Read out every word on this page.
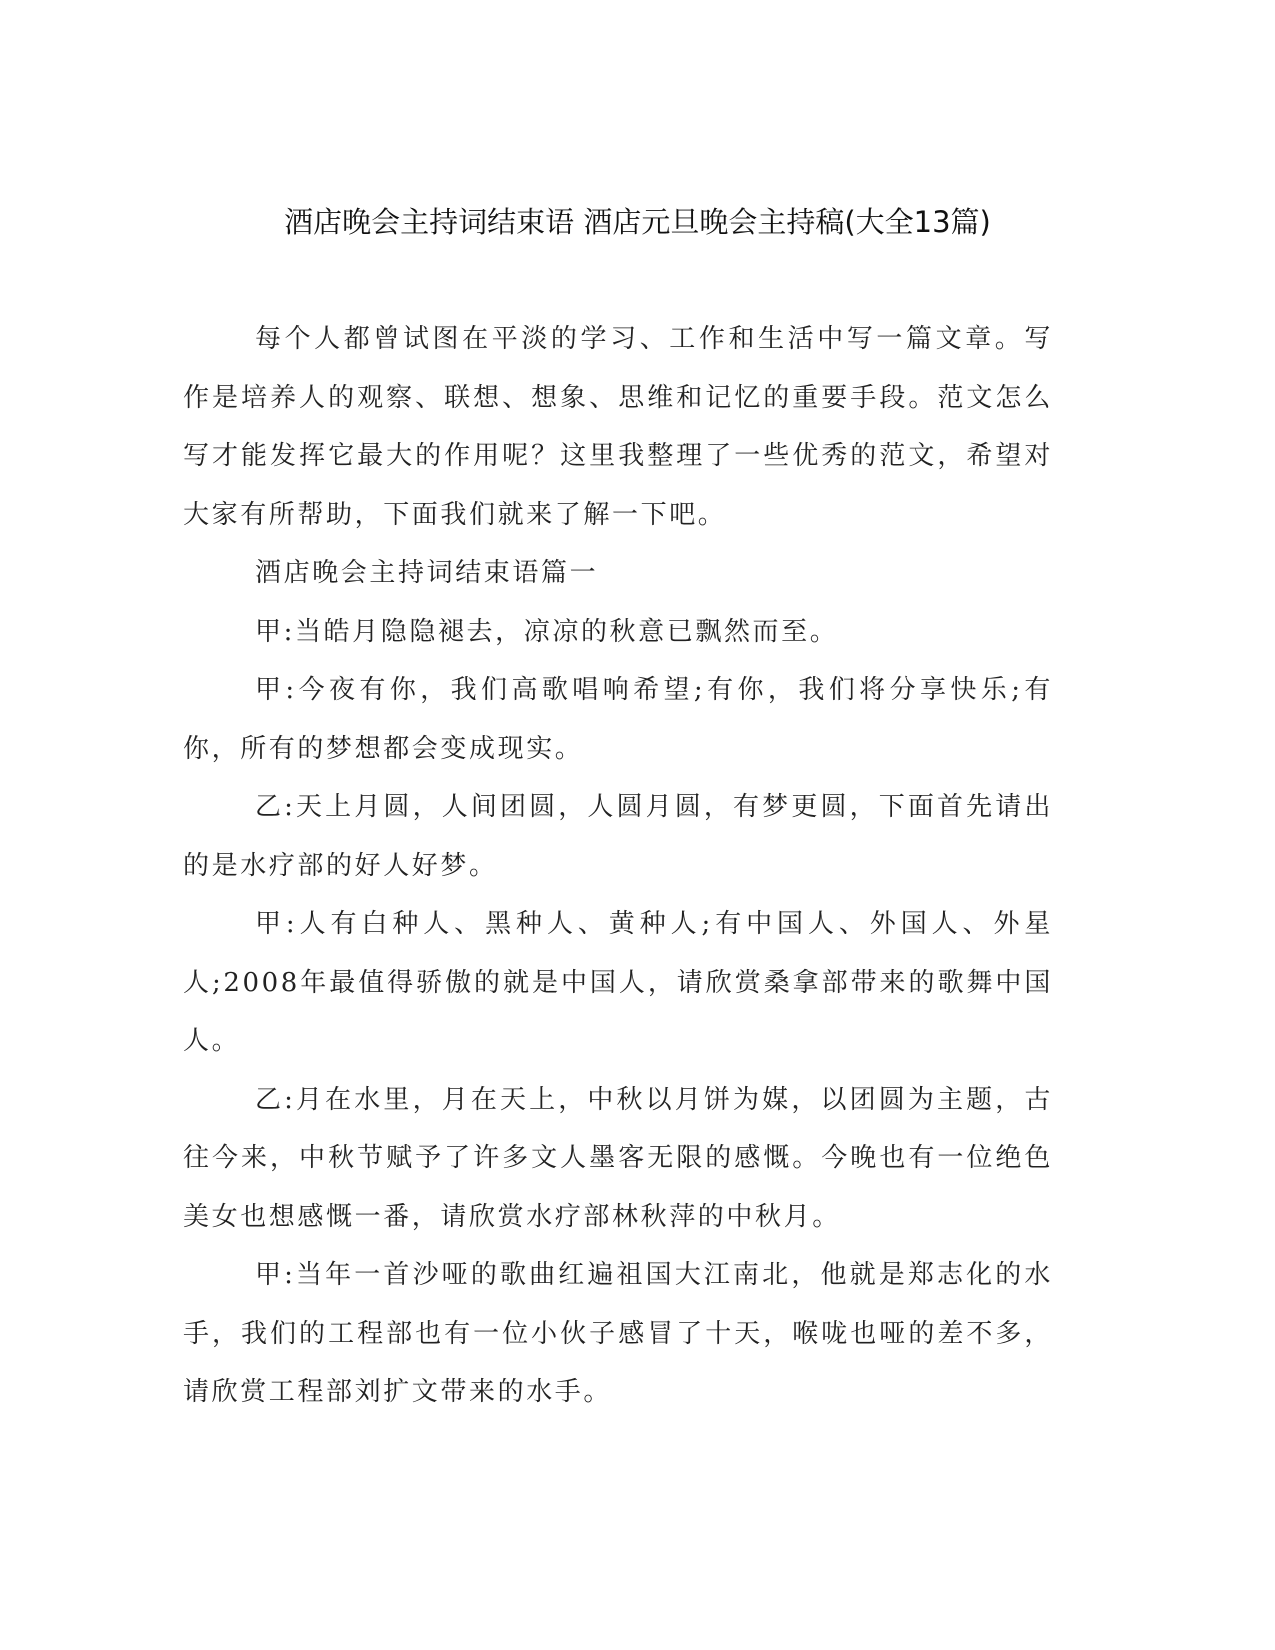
酒店晚会主持词结束语 酒店元旦晚会主持稿(大全13篇)

每个人都曾试图在平淡的学习、工作和生活中写一篇文章。写作是培养人的观察、联想、想象、思维和记忆的重要手段。范文怎么写才能发挥它最大的作用呢？这里我整理了一些优秀的范文，希望对大家有所帮助，下面我们就来了解一下吧。

酒店晚会主持词结束语篇一

甲:当皓月隐隐褪去，凉凉的秋意已飘然而至。

甲:今夜有你，我们高歌唱响希望;有你，我们将分享快乐;有你，所有的梦想都会变成现实。

乙:天上月圆，人间团圆，人圆月圆，有梦更圆，下面首先请出的是水疗部的好人好梦。

甲:人有白种人、黑种人、黄种人;有中国人、外国人、外星人;2008年最值得骄傲的就是中国人，请欣赏桑拿部带来的歌舞中国人。

乙:月在水里，月在天上，中秋以月饼为媒，以团圆为主题，古往今来，中秋节赋予了许多文人墨客无限的感慨。今晚也有一位绝色美女也想感慨一番，请欣赏水疗部林秋萍的中秋月。

甲:当年一首沙哑的歌曲红遍祖国大江南北，他就是郑志化的水手，我们的工程部也有一位小伙子感冒了十天，喉咙也哑的差不多，请欣赏工程部刘扩文带来的水手。
